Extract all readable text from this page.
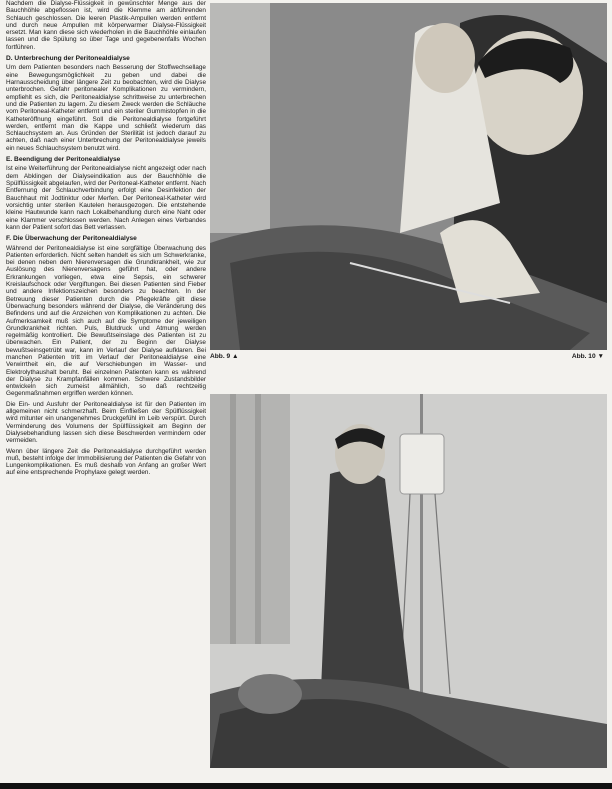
Nachdem die Dialyse-Flüssigkeit in gewünschter Menge aus der Bauchhöhle abgeflossen ist, wird die Klemme am abführenden Schlauch geschlossen. Die leeren Plastik-Ampullen werden entfernt und durch neue Ampullen mit körperwarmer Dialyse-Flüssigkeit ersetzt. Man kann diese sich wiederholen in die Bauchhöhle einlaufen lassen und die Spülung so über Tage und gegebenenfalls Wochen fortführen.

D. Unterbrechung der Peritonealdialyse

Um dem Patienten besonders nach Besserung der Stoffwechsellage eine Bewegungsmöglichkeit zu geben und dabei die Harnausscheidung über längere Zeit zu beobachten, wird die Dialyse unterbrochen. Gefahr peritonealer Komplikationen zu vermindern, empfiehlt es sich, die Peritonealdialyse schrittweise zu unterbrechen und die Patienten zu lagern. Zu diesem Zweck werden die Schläuche vom Peritoneal-Katheter entfernt und ein steriler Gummistopfen in die Katheteröffnung eingeführt. Soll die Peritonealdialyse fortgeführt werden, entfernt man die Kappe und schließt wiederum das Schlauchsystem an. Aus Gründen der Sterilität ist jedoch darauf zu achten, daß nach einer Unterbrechung der Peritonealdialyse jeweils ein neues Schlauchsystem benutzt wird.

E. Beendigung der Peritonealdialyse

Ist eine Weiterführung der Peritonealdialyse nicht angezeigt oder nach dem Abklingen der Dialyseindikation aus der Bauchhöhle die Spülflüssigkeit abgelaufen, wird der Peritoneal-Katheter entfernt. Nach Entfernung der Schlauchverbindung erfolgt eine Desinfektion der Bauchhaut mit Jodtinktur oder Merfen. Der Peritoneal-Katheter wird vorsichtig unter sterilen Kautelen herausgezogen. Die entstehende kleine Hautwunde kann nach Lokalbehandlung durch eine Naht oder eine Klammer verschlossen werden. Nach Anlegen eines Verbandes kann der Patient sofort das Bett verlassen.

F. Die Überwachung der Peritonealdialyse

Während der Peritonealdialyse ist eine sorgfältige Überwachung des Patienten erforderlich. Nicht selten handelt es sich um Schwerkranke, bei denen neben dem Nierenversagen die Grundkrankheit, wie zur Auslösung des Nierenversagens geführt hat, oder andere Erkrankungen vorliegen, etwa eine Sepsis, ein schwerer Kreislaufschock oder Vergiftungen. Bei diesen Patienten sind Fieber und andere Infektionszeichen besonders zu beachten. In der Betreuung dieser Patienten durch die Pflegekräfte gilt diese Überwachung besonders während der Dialyse, die Veränderung des Befindens und auf die Anzeichen von Komplikationen zu achten. Die Aufmerksamkeit muß sich auch auf die Symptome der jeweiligen Grundkrankheit richten. Puls, Blutdruck und Atmung werden regelmäßig kontrolliert. Die Bewußtseinslage des Patienten ist zu überwachen. Ein Patient, der zu Beginn der Dialyse bewußtseinsgetrübt war, kann im Verlauf der Dialyse aufklaren. Bei manchen Patienten tritt im Verlauf der Peritonealdialyse eine Verwirrtheit ein, die auf Verschiebungen im Wasser- und Elektrolythaushalt beruht. Bei einzelnen Patienten kann es während der Dialyse zu Krampfanfällen kommen. Schwere Zustandsbilder entwickeln sich zumeist allmählich, so daß rechtzeitig Gegenmaßnahmen ergriffen werden können.

Die Ein- und Ausfuhr der Peritonealdialyse ist für den Patienten im allgemeinen nicht schmerzhaft. Beim Einfließen der Spülflüssigkeit wird mitunter ein unangenehmes Druckgefühl im Leib verspürt. Durch Verminderung des Volumens der Spülflüssigkeit am Beginn der Dialysebehandlung lassen sich diese Beschwerden vermindern oder vermeiden.

Wenn über längere Zeit die Peritonealdialyse durchgeführt werden muß, besteht infolge der Immobilisierung der Patienten die Gefahr von Lungenkomplikationen. Es muß deshalb von Anfang an großer Wert auf eine entsprechende Prophylaxe gelegt werden.

Abb. 9 ▲	Abb. 10 ▼
